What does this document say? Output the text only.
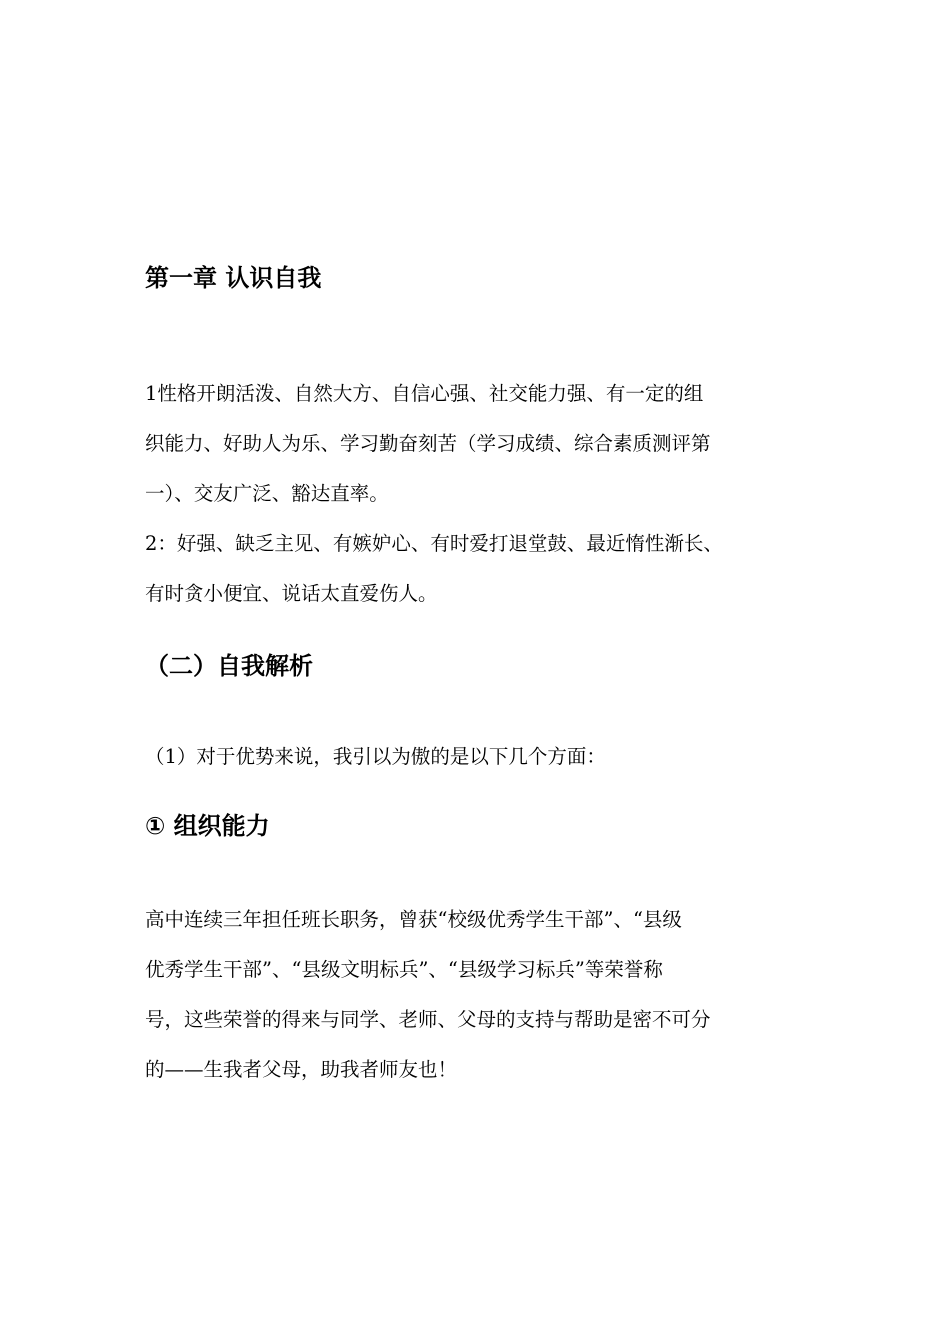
第一章 认识自我
1性格开朗活泼、自然大方、自信心强、社交能力强、有一定的组
织能力、好助人为乐、学习勤奋刻苦（学习成绩、综合素质测评第
一）、交友广泛、豁达直率。
2：好强、缺乏主见、有嫉妒心、有时爱打退堂鼓、最近惰性渐长、
有时贪小便宜、说话太直爱伤人。
（二）自我解析

（1）对于优势来说，我引以为傲的是以下几个方面：

① 组织能力
高中连续三年担任班长职务，曾获“校级优秀学生干部”、“县级
优秀学生干部”、“县级文明标兵”、“县级学习标兵”等荣誉称
号，这些荣誉的得来与同学、老师、父母的支持与帮助是密不可分
的——生我者父母，助我者师友也！
